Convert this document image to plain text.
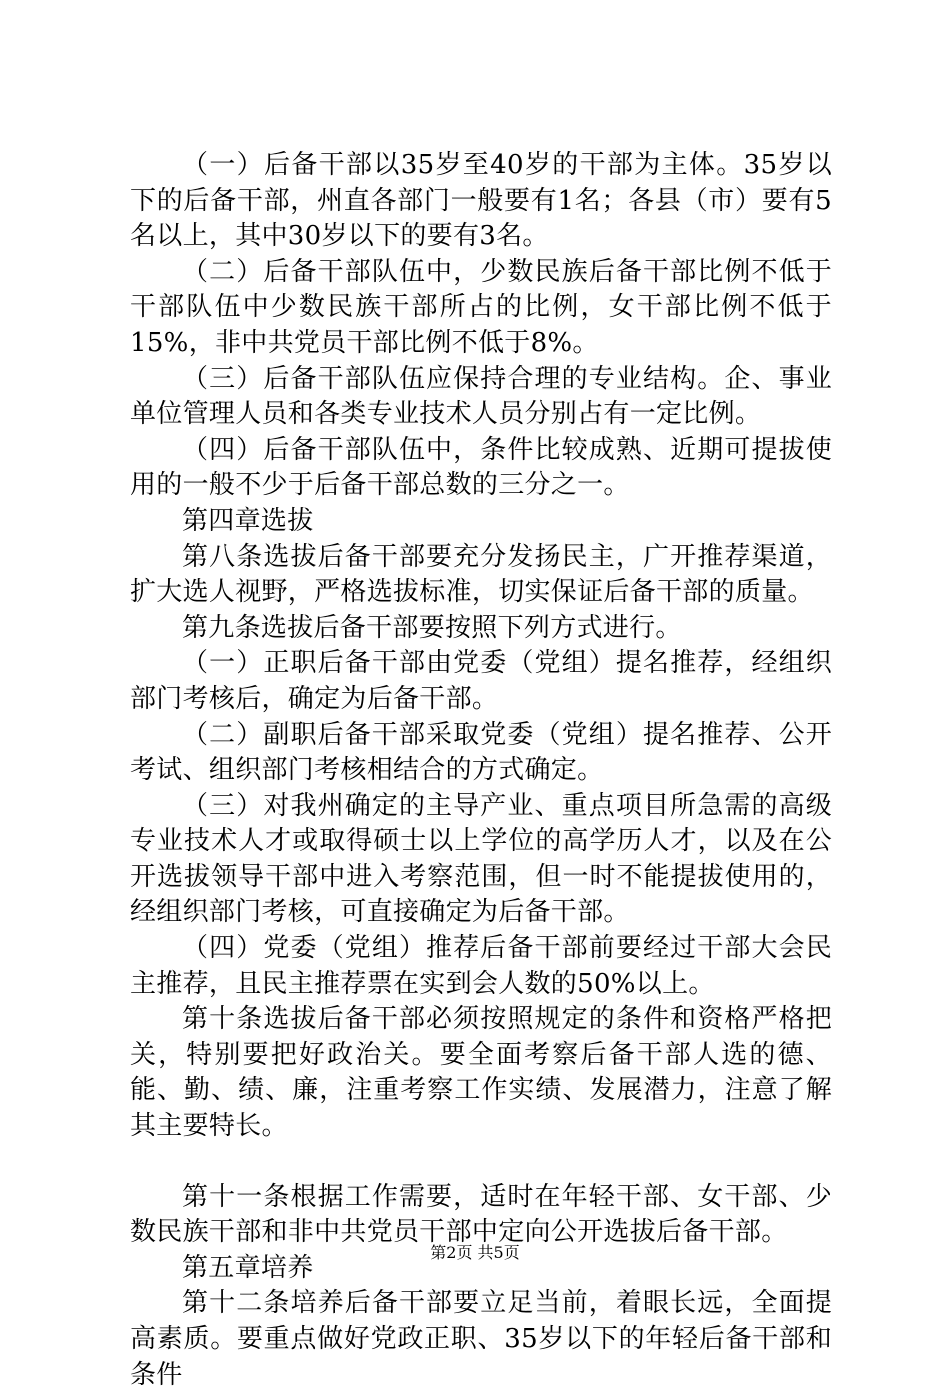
（一）后备干部以35岁至40岁的干部为主体。35岁以下的后备干部，州直各部门一般要有1名；各县（市）要有5名以上，其中30岁以下的要有3名。

（二）后备干部队伍中，少数民族后备干部比例不低于干部队伍中少数民族干部所占的比例，女干部比例不低于15%，非中共党员干部比例不低于8%。

（三）后备干部队伍应保持合理的专业结构。企、事业单位管理人员和各类专业技术人员分别占有一定比例。

（四）后备干部队伍中，条件比较成熟、近期可提拔使用的一般不少于后备干部总数的三分之一。

第四章选拔

第八条选拔后备干部要充分发扬民主，广开推荐渠道，扩大选人视野，严格选拔标准，切实保证后备干部的质量。

第九条选拔后备干部要按照下列方式进行。

（一）正职后备干部由党委（党组）提名推荐，经组织部门考核后，确定为后备干部。

（二）副职后备干部采取党委（党组）提名推荐、公开考试、组织部门考核相结合的方式确定。

（三）对我州确定的主导产业、重点项目所急需的高级专业技术人才或取得硕士以上学位的高学历人才，以及在公开选拔领导干部中进入考察范围，但一时不能提拔使用的，经组织部门考核，可直接确定为后备干部。

（四）党委（党组）推荐后备干部前要经过干部大会民主推荐，且民主推荐票在实到会人数的50%以上。

第十条选拔后备干部必须按照规定的条件和资格严格把关，特别要把好政治关。要全面考察后备干部人选的德、能、勤、绩、廉，注重考察工作实绩、发展潜力，注意了解其主要特长。

第十一条根据工作需要，适时在年轻干部、女干部、少数民族干部和非中共党员干部中定向公开选拔后备干部。

第五章培养

第十二条培养后备干部要立足当前，着眼长远，全面提高素质。要重点做好党政正职、35岁以下的年轻后备干部和条件

第2页 共5页
